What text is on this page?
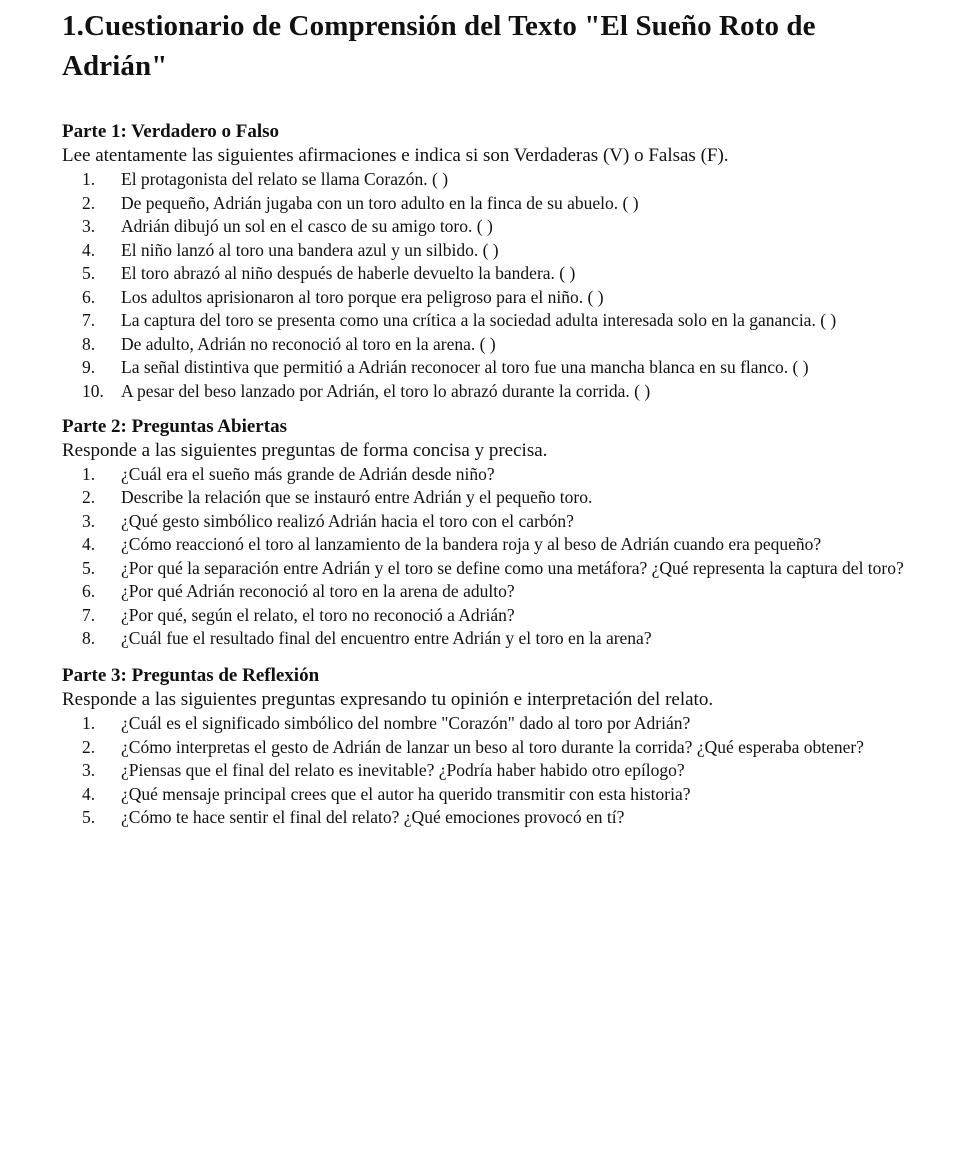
1.Cuestionario de Comprensión del Texto "El Sueño Roto de Adrián"
Parte 1: Verdadero o Falso

Lee atentamente las siguientes afirmaciones e indica si son Verdaderas (V) o Falsas (F).

1. El protagonista del relato se llama Corazón. ( )
2. De pequeño, Adrián jugaba con un toro adulto en la finca de su abuelo. ( )
3. Adrián dibujó un sol en el casco de su amigo toro. ( )
4. El niño lanzó al toro una bandera azul y un silbido. ( )
5. El toro abrazó al niño después de haberle devuelto la bandera. ( )
6. Los adultos aprisionaron al toro porque era peligroso para el niño. ( )
7. La captura del toro se presenta como una crítica a la sociedad adulta interesada solo en la ganancia. ( )
8. De adulto, Adrián no reconoció al toro en la arena. ( )
9. La señal distintiva que permitió a Adrián reconocer al toro fue una mancha blanca en su flanco. ( )
10. A pesar del beso lanzado por Adrián, el toro lo abrazó durante la corrida. ( )
Parte 2: Preguntas Abiertas

Responde a las siguientes preguntas de forma concisa y precisa.

1. ¿Cuál era el sueño más grande de Adrián desde niño?
2. Describe la relación que se instauró entre Adrián y el pequeño toro.
3. ¿Qué gesto simbólico realizó Adrián hacia el toro con el carbón?
4. ¿Cómo reaccionó el toro al lanzamiento de la bandera roja y al beso de Adrián cuando era pequeño?
5. ¿Por qué la separación entre Adrián y el toro se define como una metáfora? ¿Qué representa la captura del toro?
6. ¿Por qué Adrián reconoció al toro en la arena de adulto?
7. ¿Por qué, según el relato, el toro no reconoció a Adrián?
8. ¿Cuál fue el resultado final del encuentro entre Adrián y el toro en la arena?
Parte 3: Preguntas de Reflexión

Responde a las siguientes preguntas expresando tu opinión e interpretación del relato.

1. ¿Cuál es el significado simbólico del nombre "Corazón" dado al toro por Adrián?
2. ¿Cómo interpretas el gesto de Adrián de lanzar un beso al toro durante la corrida? ¿Qué esperaba obtener?
3. ¿Piensas que el final del relato es inevitable? ¿Podría haber habido otro epílogo?
4. ¿Qué mensaje principal crees que el autor ha querido transmitir con esta historia?
5. ¿Cómo te hace sentir el final del relato? ¿Qué emociones provocó en tí?
